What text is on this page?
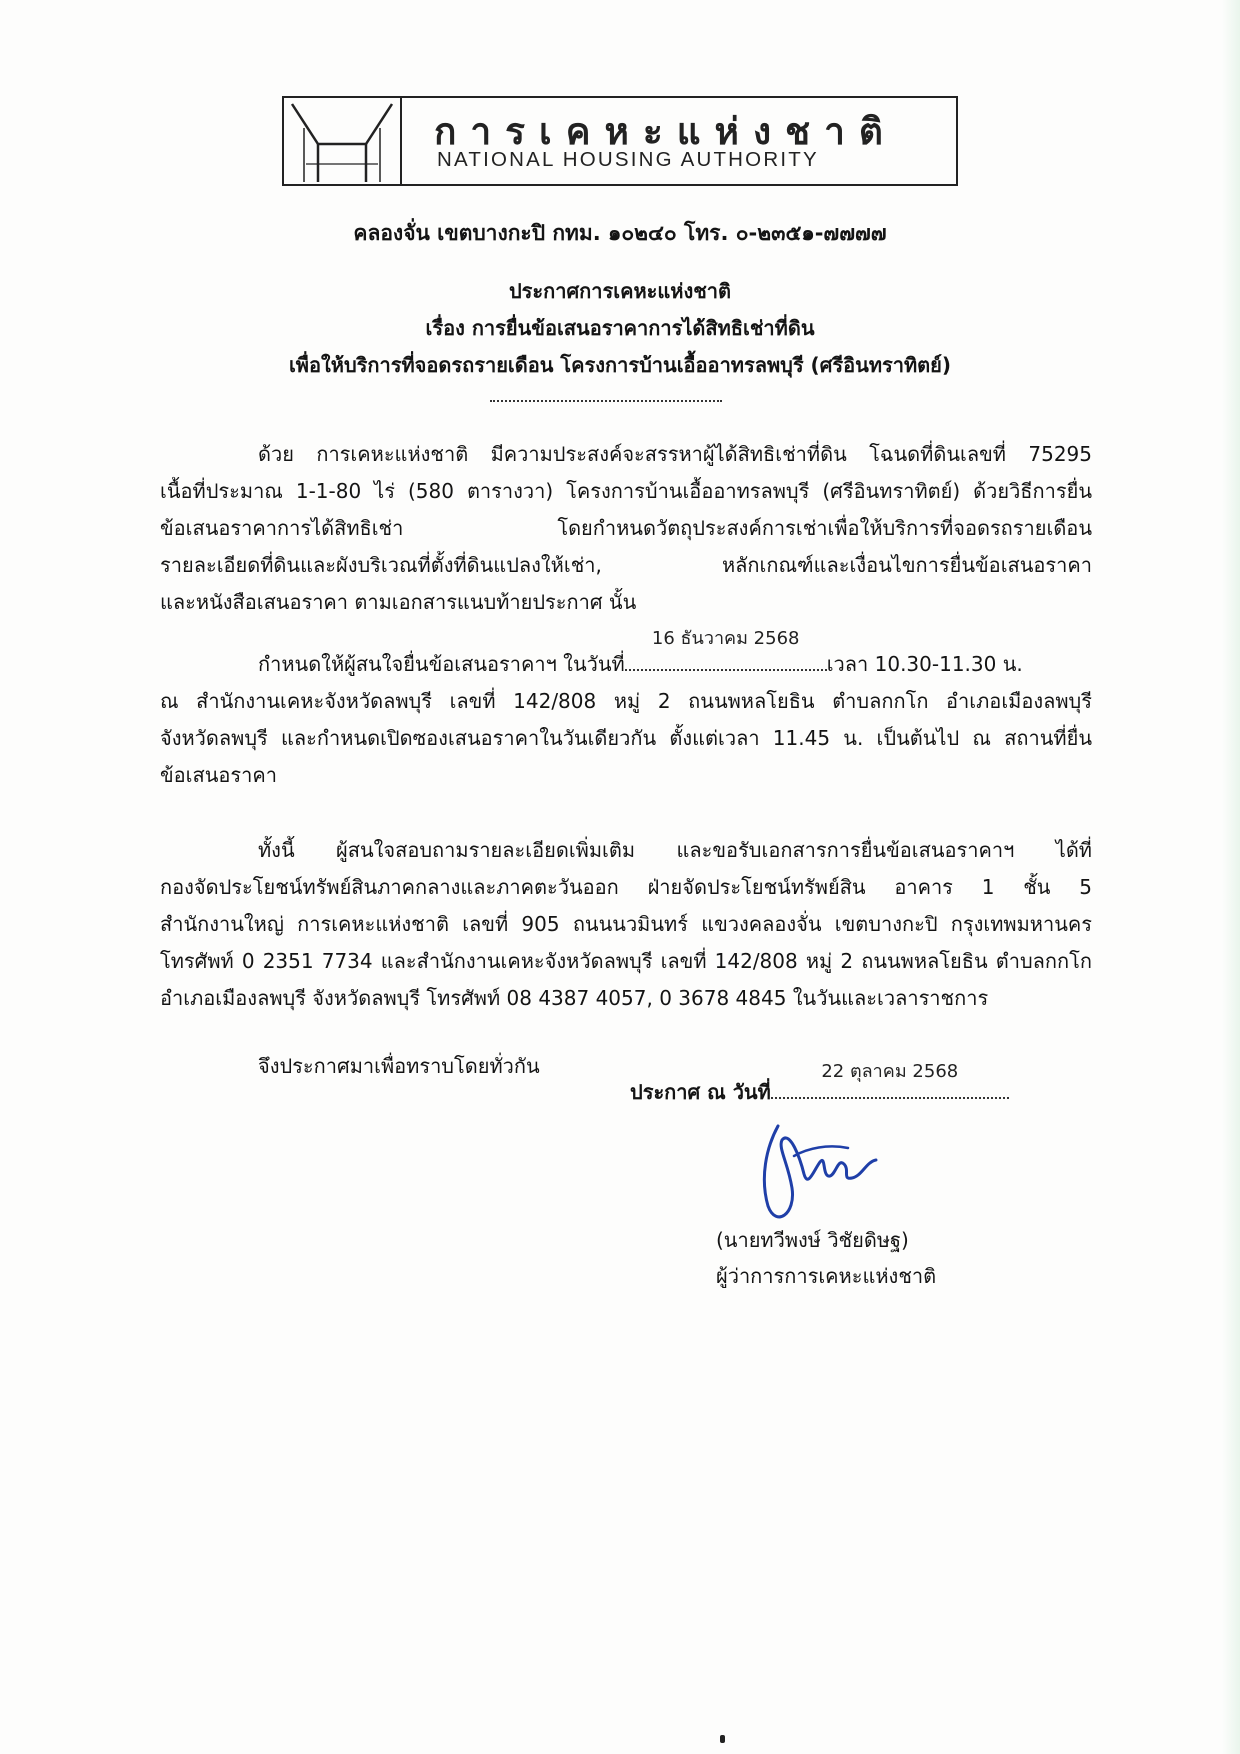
การเคหะแห่งชาติ
NATIONAL HOUSING AUTHORITY
คลองจั่น เขตบางกะปิ กทม. ๑๐๒๔๐ โทร. ๐-๒๓๕๑-๗๗๗๗
ประกาศการเคหะแห่งชาติ
เรื่อง การยื่นข้อเสนอราคาการได้สิทธิเช่าที่ดิน
เพื่อให้บริการที่จอดรถรายเดือน โครงการบ้านเอื้ออาทรลพบุรี (ศรีอินทราทิตย์)
ด้วย การเคหะแห่งชาติ มีความประสงค์จะสรรหาผู้ได้สิทธิเช่าที่ดิน โฉนดที่ดินเลขที่ 75295
เนื้อที่ประมาณ 1-1-80 ไร่ (580 ตารางวา) โครงการบ้านเอื้ออาทรลพบุรี (ศรีอินทราทิตย์) ด้วยวิธีการยื่น
ข้อเสนอราคาการได้สิทธิเช่า โดยกำหนดวัตถุประสงค์การเช่าเพื่อให้บริการที่จอดรถรายเดือน
รายละเอียดที่ดินและผังบริเวณที่ตั้งที่ดินแปลงให้เช่า, หลักเกณฑ์และเงื่อนไขการยื่นข้อเสนอราคา
และหนังสือเสนอราคา ตามเอกสารแนบท้ายประกาศ นั้น
กำหนดให้ผู้สนใจยื่นข้อเสนอราคาฯ ในวันที่
16 ธันวาคม 2568
เวลา 10.30-11.30 น.
ณ สำนักงานเคหะจังหวัดลพบุรี เลขที่ 142/808 หมู่ 2 ถนนพหลโยธิน ตำบลกกโก อำเภอเมืองลพบุรี
จังหวัดลพบุรี และกำหนดเปิดซองเสนอราคาในวันเดียวกัน ตั้งแต่เวลา 11.45 น. เป็นต้นไป ณ สถานที่ยื่น
ข้อเสนอราคา
ทั้งนี้ ผู้สนใจสอบถามรายละเอียดเพิ่มเติม และขอรับเอกสารการยื่นข้อเสนอราคาฯ ได้ที่
กองจัดประโยชน์ทรัพย์สินภาคกลางและภาคตะวันออก ฝ่ายจัดประโยชน์ทรัพย์สิน อาคาร 1 ชั้น 5
สำนักงานใหญ่ การเคหะแห่งชาติ เลขที่ 905 ถนนนวมินทร์ แขวงคลองจั่น เขตบางกะปิ กรุงเทพมหานคร
โทรศัพท์ 0 2351 7734 และสำนักงานเคหะจังหวัดลพบุรี เลขที่ 142/808 หมู่ 2 ถนนพหลโยธิน ตำบลกกโก
อำเภอเมืองลพบุรี จังหวัดลพบุรี โทรศัพท์ 08 4387 4057, 0 3678 4845 ในวันและเวลาราชการ
จึงประกาศมาเพื่อทราบโดยทั่วกัน
ประกาศ ณ วันที่
22 ตุลาคม 2568
(นายทวีพงษ์ วิชัยดิษฐ)
ผู้ว่าการการเคหะแห่งชาติ
